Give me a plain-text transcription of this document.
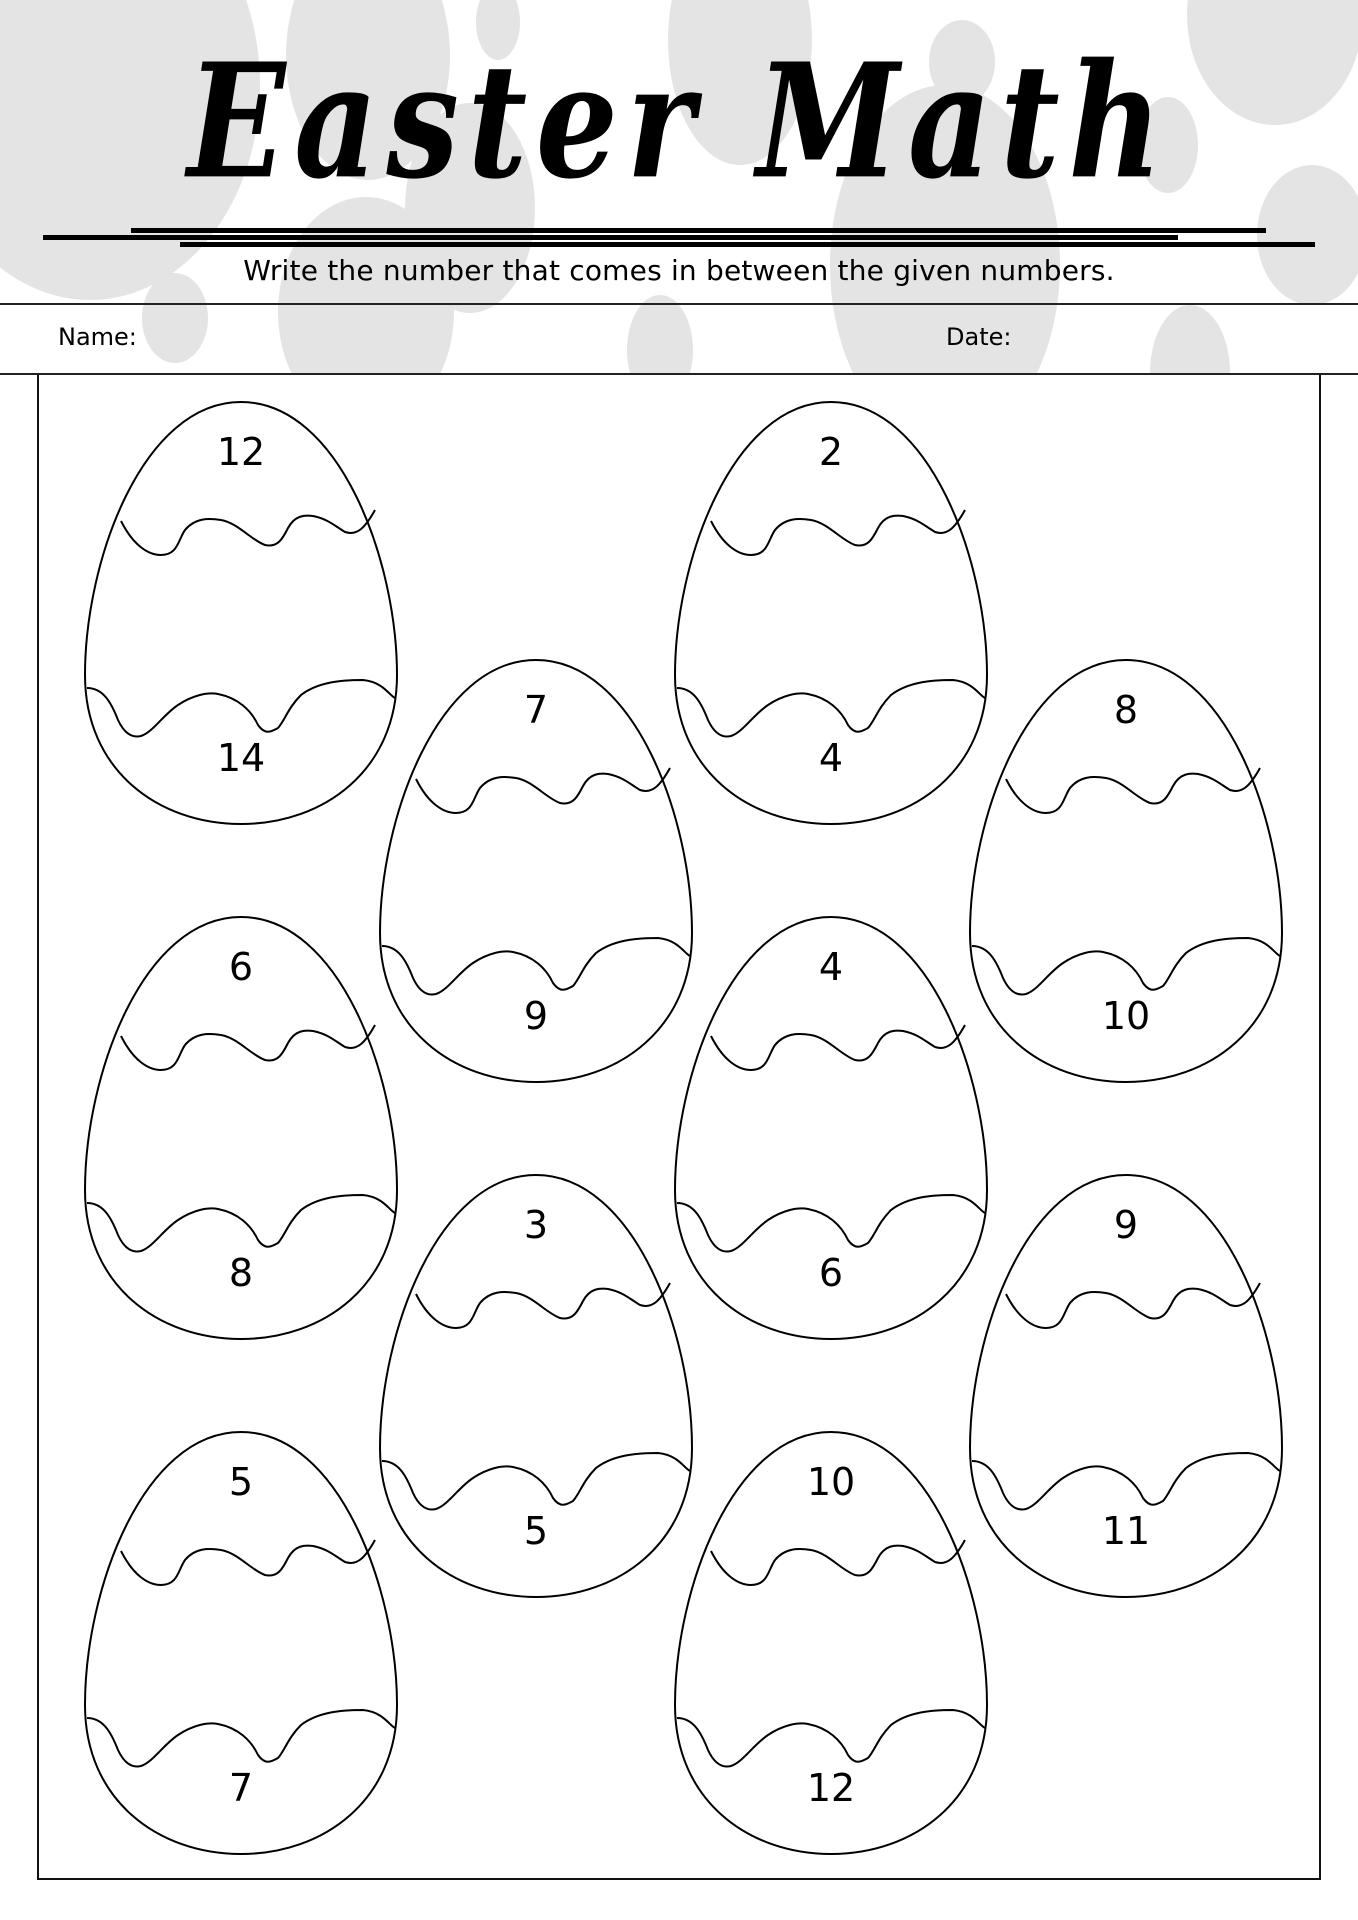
Easter Math
Write the number that comes in between the given numbers.
Name:	Date:
12
14
2
4
7
9
8
10
6
8
4
6
3
5
9
11
5
7
10
12
